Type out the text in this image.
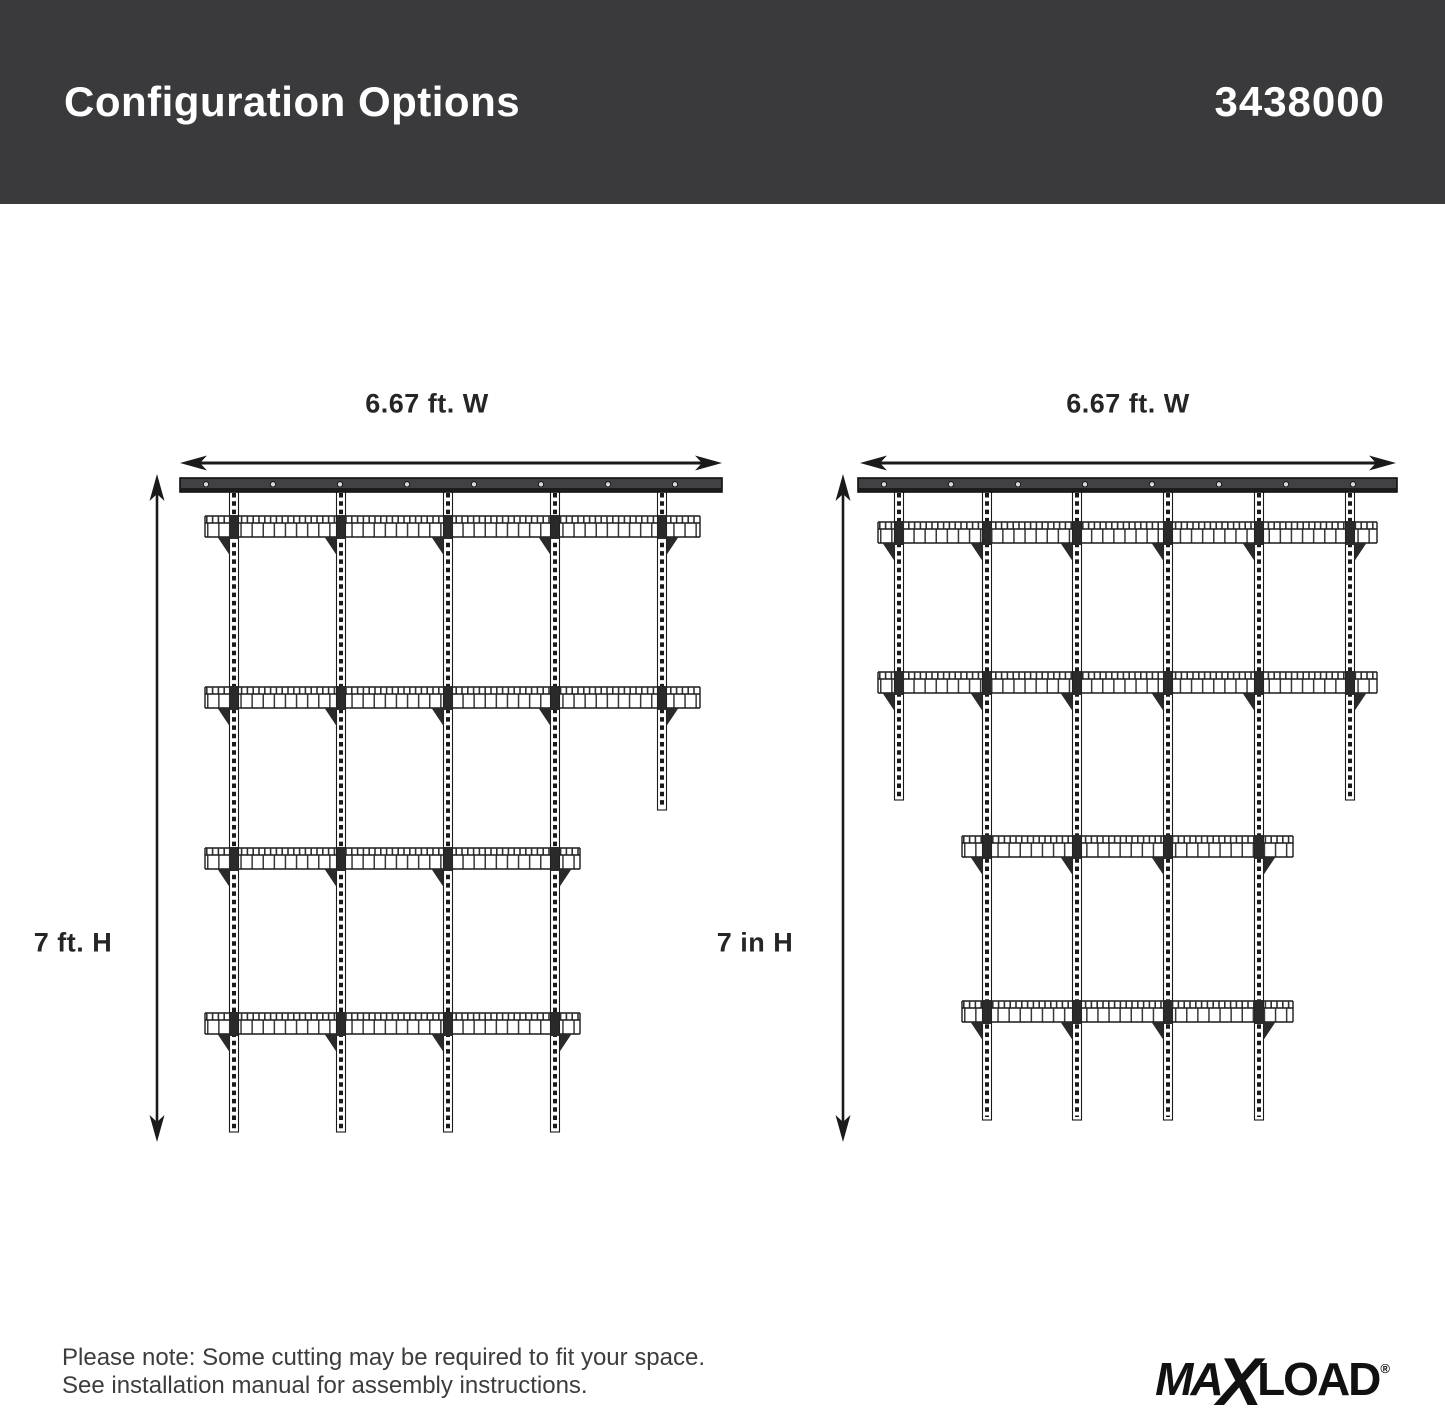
Configuration Options	3438000
6.67 ft. W
7 ft. H
6.67 ft. W
7 in H
Please note: Some cutting may be required to fit your space.
See installation manual for assembly instructions.	MA
X
LOAD ®
